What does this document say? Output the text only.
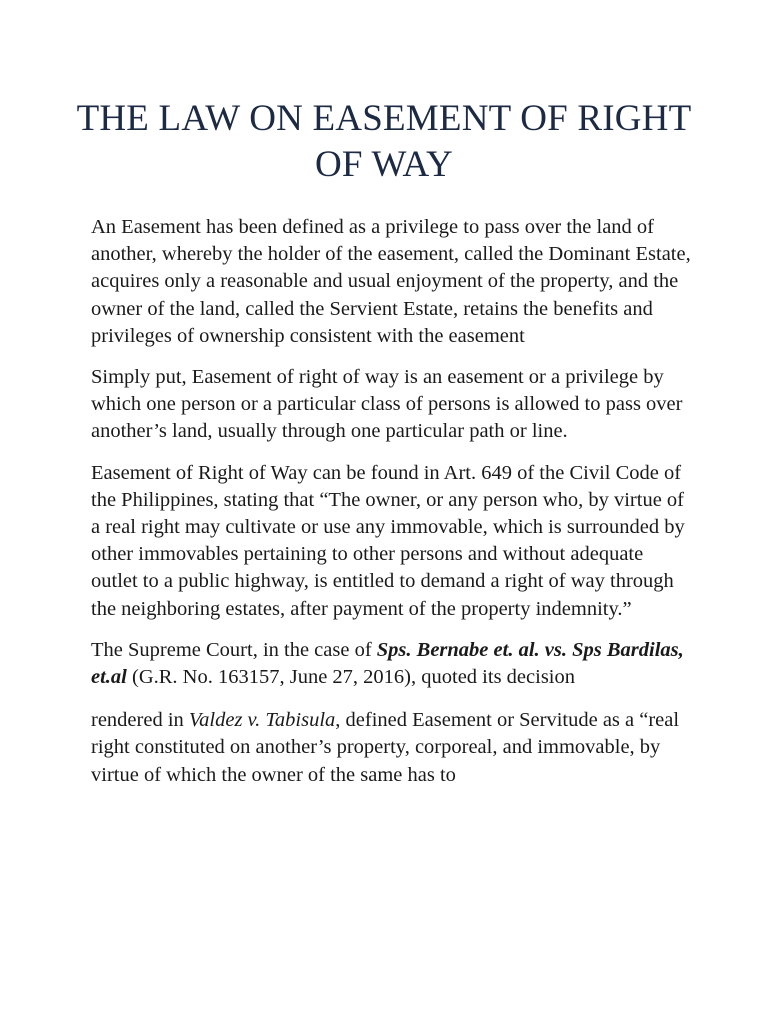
THE LAW ON EASEMENT OF RIGHT OF WAY

An Easement has been defined as a privilege to pass over the land of another, whereby the holder of the easement, called the Dominant Estate, acquires only a reasonable and usual enjoyment of the property, and the owner of the land, called the Servient Estate, retains the benefits and privileges of ownership consistent with the easement

Simply put, Easement of right of way is an easement or a privilege by which one person or a particular class of persons is allowed to pass over another’s land, usually through one particular path or line.

Easement of Right of Way can be found in Art. 649 of the Civil Code of the Philippines, stating that “The owner, or any person who, by virtue of a real right may cultivate or use any immovable, which is surrounded by other immovables pertaining to other persons and without adequate outlet to a public highway, is entitled to demand a right of way through the neighboring estates, after payment of the property indemnity.”

The Supreme Court, in the case of Sps. Bernabe et. al. vs. Sps Bardilas, et.al (G.R. No. 163157, June 27, 2016), quoted its decision

rendered in Valdez v. Tabisula, defined Easement or Servitude as a “real right constituted on another’s property, corporeal, and immovable, by virtue of which the owner of the same has to
